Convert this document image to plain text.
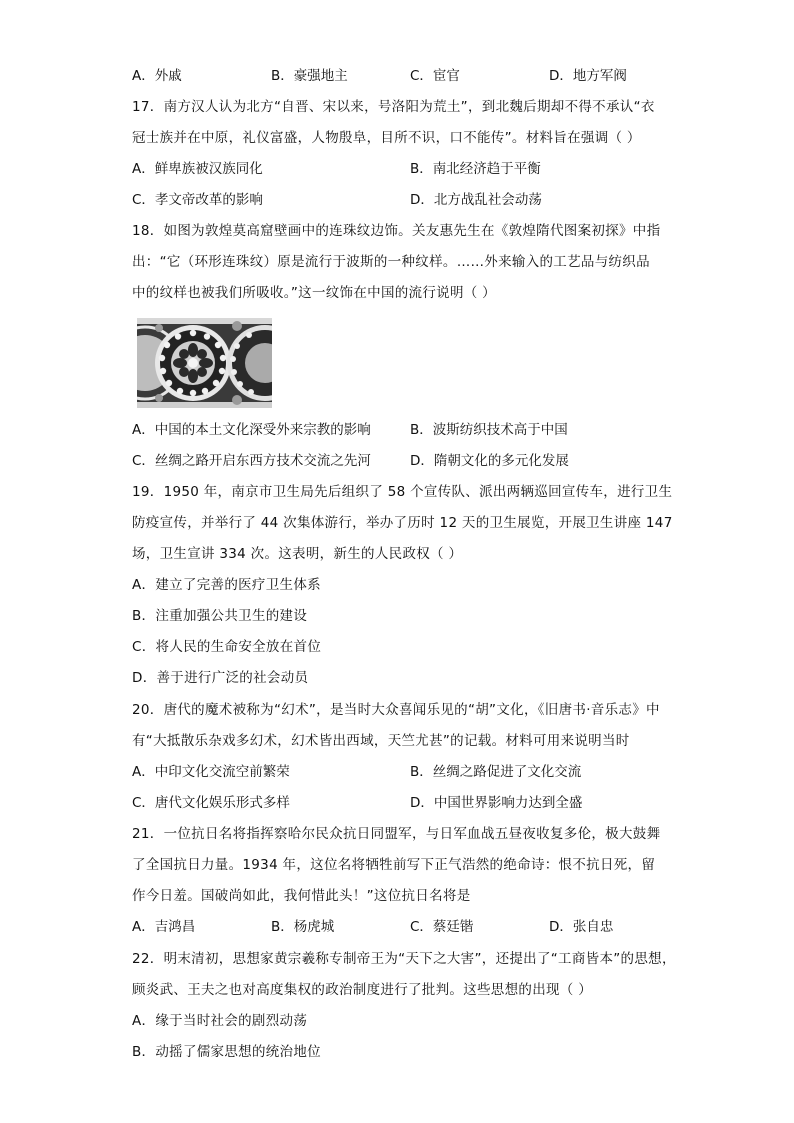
A．外戚	B．豪强地主	C．宦官	D．地方军阀
17．南方汉人认为北方“自晋、宋以来，号洛阳为荒土”，到北魏后期却不得不承认“衣
冠士族并在中原，礼仪富盛，人物殷阜，目所不识，口不能传”。材料旨在强调（ ）
A．鲜卑族被汉族同化	B．南北经济趋于平衡
C．孝文帝改革的影响	D．北方战乱社会动荡
18．如图为敦煌莫高窟壁画中的连珠纹边饰。关友惠先生在《敦煌隋代图案初探》中指
出：“它（环形连珠纹）原是流行于波斯的一种纹样。……外来输入的工艺品与纺织品
中的纹样也被我们所吸收。”这一纹饰在中国的流行说明（ ）
A．中国的本土文化深受外来宗教的影响	B．波斯纺织技术高于中国
C．丝绸之路开启东西方技术交流之先河	D．隋朝文化的多元化发展
19．1950 年，南京市卫生局先后组织了 58 个宣传队、派出两辆巡回宣传车，进行卫生
防疫宣传，并举行了 44 次集体游行，举办了历时 12 天的卫生展览，开展卫生讲座 147
场，卫生宣讲 334 次。这表明，新生的人民政权（ ）
A．建立了完善的医疗卫生体系
B．注重加强公共卫生的建设
C．将人民的生命安全放在首位
D．善于进行广泛的社会动员
20．唐代的魔术被称为“幻术”，是当时大众喜闻乐见的“胡”文化，《旧唐书·音乐志》中
有“大抵散乐杂戏多幻术，幻术皆出西域，天竺尤甚”的记载。材料可用来说明当时
A．中印文化交流空前繁荣	B．丝绸之路促进了文化交流
C．唐代文化娱乐形式多样	D．中国世界影响力达到全盛
21．一位抗日名将指挥察哈尔民众抗日同盟军，与日军血战五昼夜收复多伦，极大鼓舞
了全国抗日力量。1934 年，这位名将牺牲前写下正气浩然的绝命诗：恨不抗日死，留
作今日羞。国破尚如此，我何惜此头！”这位抗日名将是
A．吉鸿昌	B．杨虎城	C．蔡廷锴	D．张自忠
22．明末清初，思想家黄宗羲称专制帝王为“天下之大害”，还提出了“工商皆本”的思想，
顾炎武、王夫之也对高度集权的政治制度进行了批判。这些思想的出现（ ）
A．缘于当时社会的剧烈动荡
B．动摇了儒家思想的统治地位
